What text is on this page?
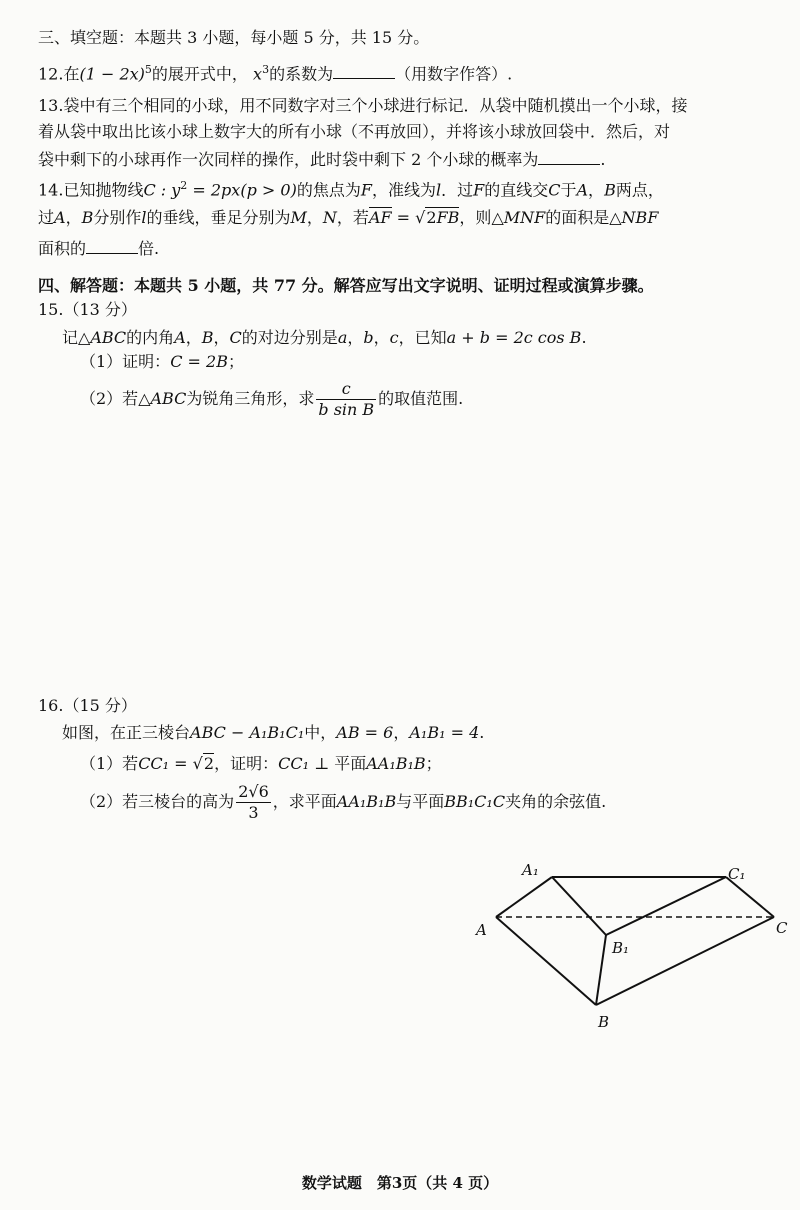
三、填空题：本题共 3 小题，每小题 5 分，共 15 分。
12.在$(1 - 2x)^5$的展开式中， $x^3$的系数为	（用数字作答）.
13.袋中有三个相同的小球，用不同数字对三个小球进行标记．从袋中随机摸出一个小球，接
着从袋中取出比该小球上数字大的所有小球（不再放回），并将该小球放回袋中．然后，对
袋中剩下的小球再作一次同样的操作，此时袋中剩下 2 个小球的概率为	.
14.已知抛物线C : $y^2 = 2px(p > 0)$的焦点为F，准线为l．过F的直线交C于A，B两点，
过A，B分别作l的垂线，垂足分别为M，N，若AF = √2FB，则△MNF的面积是△NBF
面积的	倍.
四、解答题：本题共 5 小题，共 77 分。解答应写出文字说明、证明过程或演算步骤。
15.（13 分）
记△ABC的内角A，B，C的对边分别是a，b，c，已知a + b = 2c cos B.
（1）证明：C = 2B；
（2）若△ABC为锐角三角形，求 $\frac{c}{\text{b sin B}}$ 的取值范围.
16.（15 分）
如图，在正三棱台ABC − A₁B₁C₁中，AB = 6，A₁B₁ = 4.
（1）若CC₁ = √2，证明：CC₁ ⊥ 平面AA₁B₁B；
（2）若三棱台的高为 $\frac{2√6}{3}$ ，求平面AA₁B₁B与平面BB₁C₁C夹角的余弦值.
A₁	C₁
A
B₁
C
B
数学试题　第3页（共 4 页）
